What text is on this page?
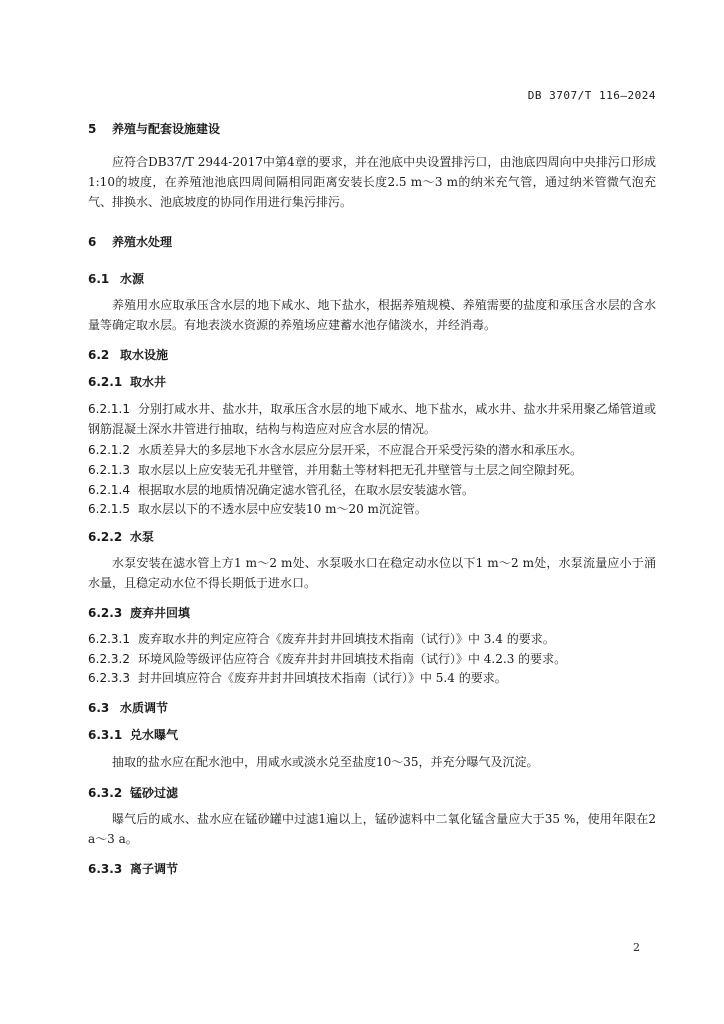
DB 3707/T 116—2024
5 养殖与配套设施建设
应符合DB37/T 2944-2017中第4章的要求，并在池底中央设置排污口，由池底四周向中央排污口形成1:10的坡度，在养殖池池底四周间隔相同距离安装长度2.5 m～3 m的纳米充气管，通过纳米管微气泡充气、排换水、池底坡度的协同作用进行集污排污。
6 养殖水处理
6.1 水源
养殖用水应取承压含水层的地下咸水、地下盐水，根据养殖规模、养殖需要的盐度和承压含水层的含水量等确定取水层。有地表淡水资源的养殖场应建蓄水池存储淡水，并经消毒。
6.2 取水设施
6.2.1 取水井
6.2.1.1 分别打咸水井、盐水井，取承压含水层的地下咸水、地下盐水，咸水井、盐水井采用聚乙烯管道或钢筋混凝土深水井管进行抽取，结构与构造应对应含水层的情况。
6.2.1.2 水质差异大的多层地下水含水层应分层开采，不应混合开采受污染的潜水和承压水。
6.2.1.3 取水层以上应安装无孔井壁管，并用黏土等材料把无孔井壁管与土层之间空隙封死。
6.2.1.4 根据取水层的地质情况确定滤水管孔径，在取水层安装滤水管。
6.2.1.5 取水层以下的不透水层中应安装10 m～20 m沉淀管。
6.2.2 水泵
水泵安装在滤水管上方1 m～2 m处、水泵吸水口在稳定动水位以下1 m～2 m处，水泵流量应小于涌水量，且稳定动水位不得长期低于进水口。
6.2.3 废弃井回填
6.2.3.1 废弃取水井的判定应符合《废弃井封井回填技术指南（试行）》中 3.4 的要求。
6.2.3.2 环境风险等级评估应符合《废弃井封井回填技术指南（试行）》中 4.2.3 的要求。
6.2.3.3 封井回填应符合《废弃井封井回填技术指南（试行）》中 5.4 的要求。
6.3 水质调节
6.3.1 兑水曝气
抽取的盐水应在配水池中，用咸水或淡水兑至盐度10～35，并充分曝气及沉淀。
6.3.2 锰砂过滤
曝气后的咸水、盐水应在锰砂罐中过滤1遍以上，锰砂滤料中二氧化锰含量应大于35 %，使用年限在2 a～3 a。
6.3.3 离子调节
2
